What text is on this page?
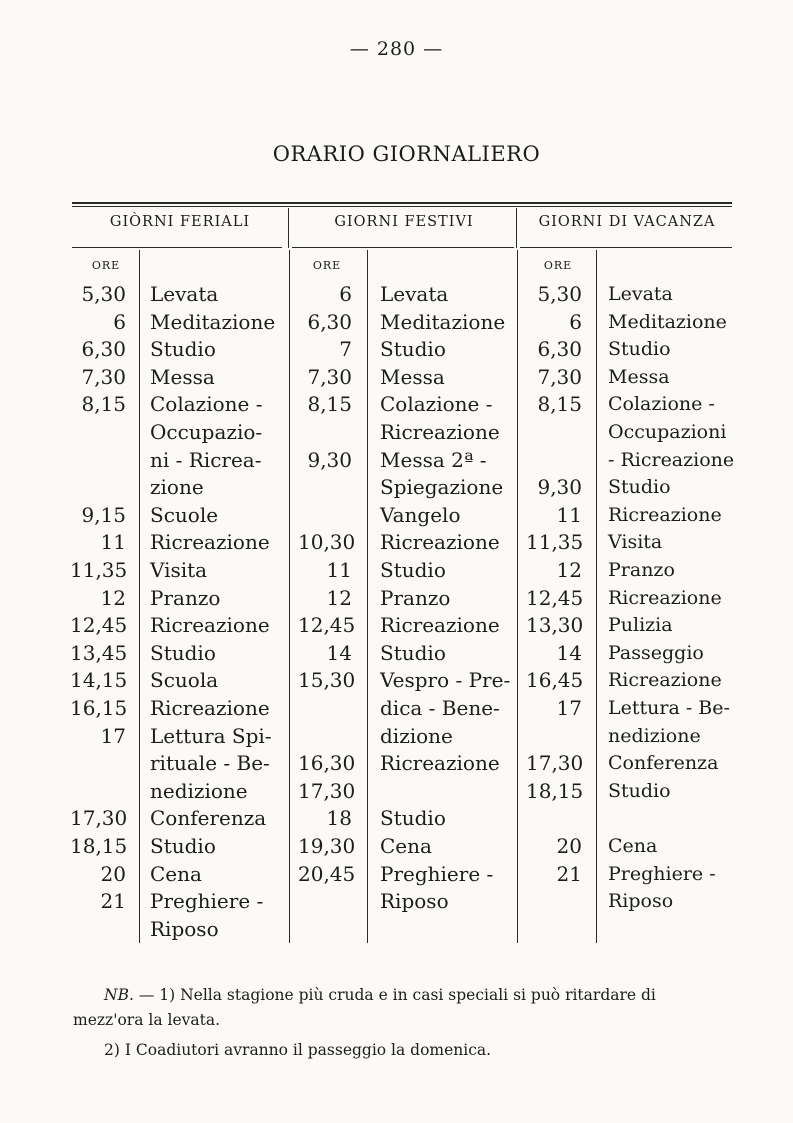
— 280 —
ORARIO GIORNALIERO
GIÒRNI FERIALI	GIORNI FESTIVI	GIORNI DI VACANZA
ORE	ORE	ORE
5,30 Levata
6 Meditazione
6,30 Studio
7,30 Messa
8,15 Colazione -
Occupazio-
ni - Ricrea-
zione
9,15 Scuole
11 Ricreazione
11,35 Visita
12 Pranzo
12,45 Ricreazione
13,45 Studio
14,15 Scuola
16,15 Ricreazione
17 Lettura Spi-
rituale - Be-
nedizione
17,30 Conferenza
18,15 Studio
20 Cena
21 Preghiere -
Riposo
6 Levata
6,30 Meditazione
7 Studio
7,30 Messa
8,15 Colazione -
Ricreazione
9,30 Messa 2ª -
Spiegazione
Vangelo
10,30 Ricreazione
11 Studio
12 Pranzo
12,45 Ricreazione
14 Studio
15,30 Vespro - Pre-
dica - Bene-
dizione
16,30 Ricreazione
17,30
18 Studio
19,30 Cena
20,45 Preghiere -
Riposo
5,30 Levata
6 Meditazione
6,30 Studio
7,30 Messa
8,15 Colazione -
Occupazioni
- Ricreazione
9,30 Studio
11 Ricreazione
11,35 Visita
12 Pranzo
12,45 Ricreazione
13,30 Pulizia
14 Passeggio
16,45 Ricreazione
17 Lettura - Be-
nedizione
17,30 Conferenza
18,15 Studio
20 Cena
21 Preghiere -
Riposo
NB. — 1) Nella stagione più cruda e in casi speciali si può ritardare di
mezz'ora la levata.
2) I Coadiutori avranno il passeggio la domenica.
